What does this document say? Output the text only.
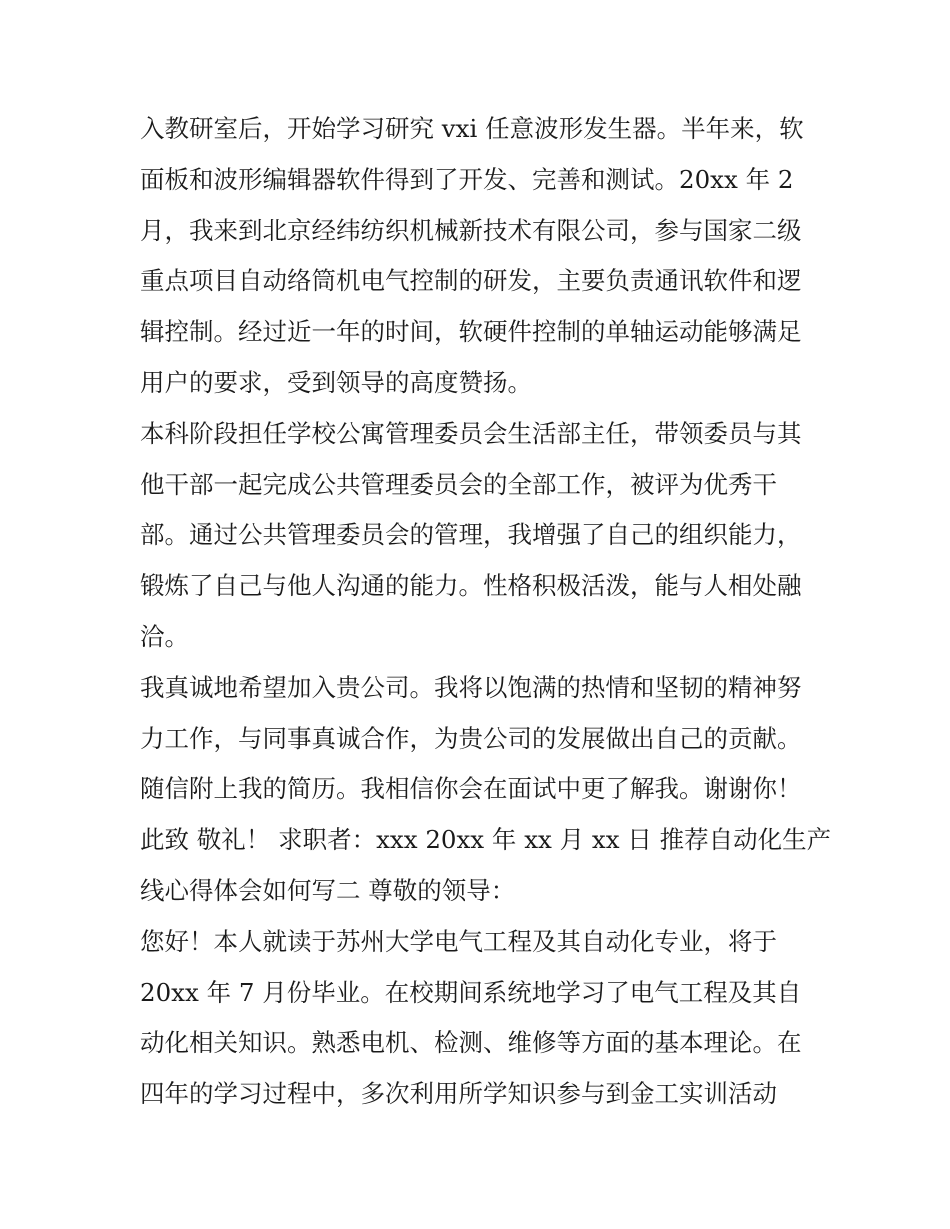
入教研室后，开始学习研究 vxi 任意波形发生器。半年来，软
面板和波形编辑器软件得到了开发、完善和测试。20xx 年 2
月，我来到北京经纬纺织机械新技术有限公司，参与国家二级
重点项目自动络筒机电气控制的研发，主要负责通讯软件和逻
辑控制。经过近一年的时间，软硬件控制的单轴运动能够满足
用户的要求，受到领导的高度赞扬。
本科阶段担任学校公寓管理委员会生活部主任，带领委员与其
他干部一起完成公共管理委员会的全部工作，被评为优秀干
部。通过公共管理委员会的管理，我增强了自己的组织能力，
锻炼了自己与他人沟通的能力。性格积极活泼，能与人相处融
洽。
我真诚地希望加入贵公司。我将以饱满的热情和坚韧的精神努
力工作，与同事真诚合作，为贵公司的发展做出自己的贡献。
随信附上我的简历。我相信你会在面试中更了解我。谢谢你！
此致 敬礼！ 求职者：xxx 20xx 年 xx 月 xx 日 推荐自动化生产
线心得体会如何写二 尊敬的领导：
您好！本人就读于苏州大学电气工程及其自动化专业，将于
20xx 年 7 月份毕业。在校期间系统地学习了电气工程及其自
动化相关知识。熟悉电机、检测、维修等方面的基本理论。在
四年的学习过程中，多次利用所学知识参与到金工实训活动
